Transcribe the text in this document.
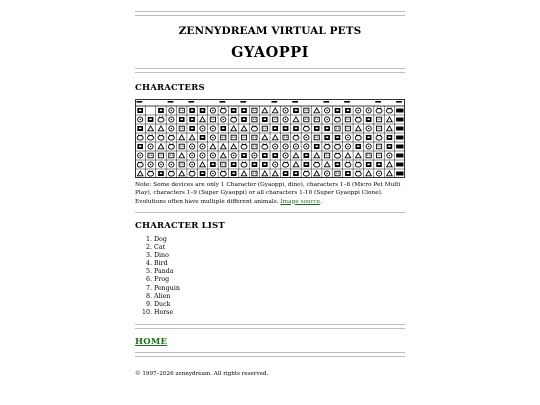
ZENNYDREAM VIRTUAL PETS
GYAOPPI
CHARACTERS
Note: Some devices are only 1 Character (Gyaoppi, dino), characters 1–8 (Micro Pet Multi Play), characters 1–9 (Super Gyaoppi) or all characters 1-10 (Super Gyaoppi Clone). Evolutions often have multiple different animals. Image source.
CHARACTER LIST
1. Dog
2. Cat
3. Dino
4. Bird
5. Panda
6. Frog
7. Penguin
8. Alien
9. Duck
10. Horse
HOME
© 1997–2026 zennydream. All rights reserved.
